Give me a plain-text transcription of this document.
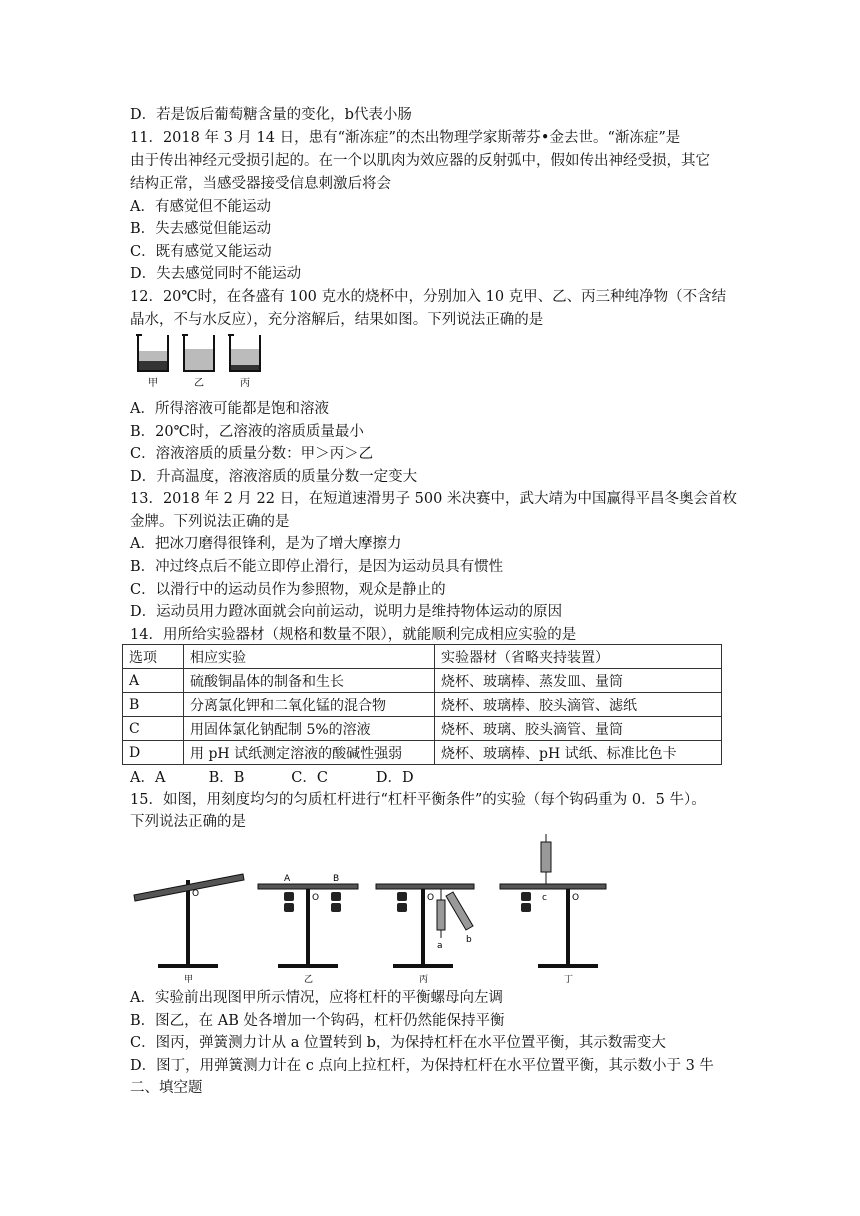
D．若是饭后葡萄糖含量的变化，b代表小肠
11．2018 年 3 月 14 日，患有“渐冻症”的杰出物理学家斯蒂芬•金去世。“渐冻症”是
由于传出神经元受损引起的。在一个以肌肉为效应器的反射弧中，假如传出神经受损，其它
结构正常，当感受器接受信息刺激后将会
A．有感觉但不能运动
B．失去感觉但能运动
C．既有感觉又能运动
D．失去感觉同时不能运动
12．20℃时，在各盛有 100 克水的烧杯中，分别加入 10 克甲、乙、丙三种纯净物（不含结
晶水，不与水反应），充分溶解后，结果如图。下列说法正确的是
甲	乙	丙
A．所得溶液可能都是饱和溶液
B．20℃时，乙溶液的溶质质量最小
C．溶液溶质的质量分数：甲＞丙＞乙
D．升高温度，溶液溶质的质量分数一定变大
13．2018 年 2 月 22 日，在短道速滑男子 500 米决赛中，武大靖为中国赢得平昌冬奥会首枚
金牌。下列说法正确的是
A．把冰刀磨得很锋利，是为了增大摩擦力
B．冲过终点后不能立即停止滑行，是因为运动员具有惯性
C．以滑行中的运动员作为参照物，观众是静止的
D．运动员用力蹬冰面就会向前运动，说明力是维持物体运动的原因
14．用所给实验器材（规格和数量不限），就能顺利完成相应实验的是
选项	相应实验	实验器材（省略夹持装置）
A	硫酸铜晶体的制备和生长	烧杯、玻璃棒、蒸发皿、量筒
B	分离氯化钾和二氧化锰的混合物	烧杯、玻璃棒、胶头滴管、滤纸
C	用固体氯化钠配制 5%的溶液	烧杯、玻璃、胶头滴管、量筒
D	用 pH 试纸测定溶液的酸碱性强弱	烧杯、玻璃棒、pH 试纸、标准比色卡
A．A	B．B	C．C	D．D
15．如图，用刻度均匀的匀质杠杆进行“杠杆平衡条件”的实验（每个钩码重为 0．5 牛）。
下列说法正确的是
O
甲
A	B
O
乙
a
b
O
丙
c	O
丁
A．实验前出现图甲所示情况，应将杠杆的平衡螺母向左调
B．图乙，在 AB 处各增加一个钩码，杠杆仍然能保持平衡
C．图丙，弹簧测力计从 a 位置转到 b，为保持杠杆在水平位置平衡，其示数需变大
D．图丁，用弹簧测力计在 c 点向上拉杠杆，为保持杠杆在水平位置平衡，其示数小于 3 牛
二、填空题
